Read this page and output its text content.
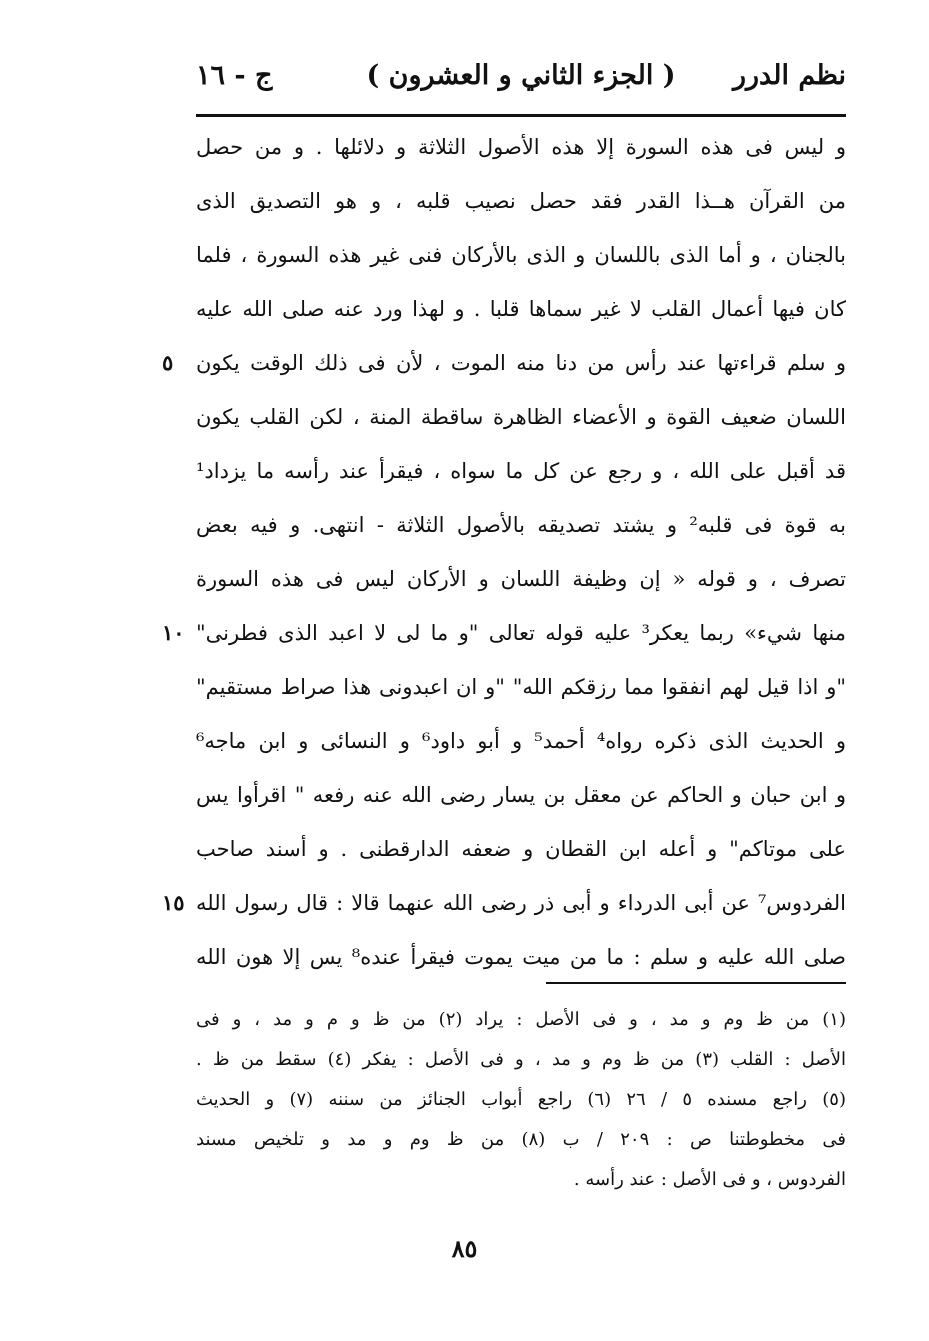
نظم الدرر
( الجزء الثاني و العشرون )
ج - ١٦
و ليس فى هذه السورة إلا هذه الأصول الثلاثة و دلائلها . و من حصل
من القرآن هــذا القدر فقد حصل نصيب قلبه ، و هو التصديق الذى
بالجنان ، و أما الذى باللسان و الذى بالأركان فنى غير هذه السورة ، فلما
كان فيها أعمال القلب لا غير سماها قلبا . و لهذا ورد عنه صلى الله عليه
و سلم قراءتها عند رأس من دنا منه الموت ، لأن فى ذلك الوقت يكون
٥
اللسان ضعيف القوة و الأعضاء الظاهرة ساقطة المنة ، لكن القلب يكون
قد أقبل على الله ، و رجع عن كل ما سواه ، فيقرأ عند رأسه ما يزداد¹
به قوة فى قلبه² و يشتد تصديقه بالأصول الثلاثة - انتهى. و فيه بعض
تصرف ، و قوله « إن وظيفة اللسان و الأركان ليس فى هذه السورة
منها شيء» ربما يعكر³ عليه قوله تعالى "و ما لى لا اعبد الذى فطرنى"
١٠
"و اذا قيل لهم انفقوا مما رزقكم الله" "و ان اعبدونى هذا صراط مستقيم"
و الحديث الذى ذكره رواه⁴ أحمد⁵ و أبو داود⁶ و النسائى و ابن ماجه⁶
و ابن حبان و الحاكم عن معقل بن يسار رضى الله عنه رفعه " اقرأوا يس
على موتاكم" و أعله ابن القطان و ضعفه الدارقطنى . و أسند صاحب
الفردوس⁷ عن أبى الدرداء و أبى ذر رضى الله عنهما قالا : قال رسول الله
١٥
صلى الله عليه و سلم : ما من ميت يموت فيقرأ عنده⁸ يس إلا هون الله
(١) من ظ وم و مد ، و فى الأصل : يراد (٢) من ظ و م و مد ، و فى
الأصل : القلب (٣) من ظ وم و مد ، و فى الأصل : يفكر (٤) سقط من ظ .
(٥) راجع مسنده ٥ / ٢٦ (٦) راجع أبواب الجنائز من سننه (٧) و الحديث
فى مخطوطتنا ص : ٢٠٩ / ب (٨) من ظ وم و مد و تلخيص مسند
الفردوس ، و فى الأصل : عند رأسه .
٨٥
